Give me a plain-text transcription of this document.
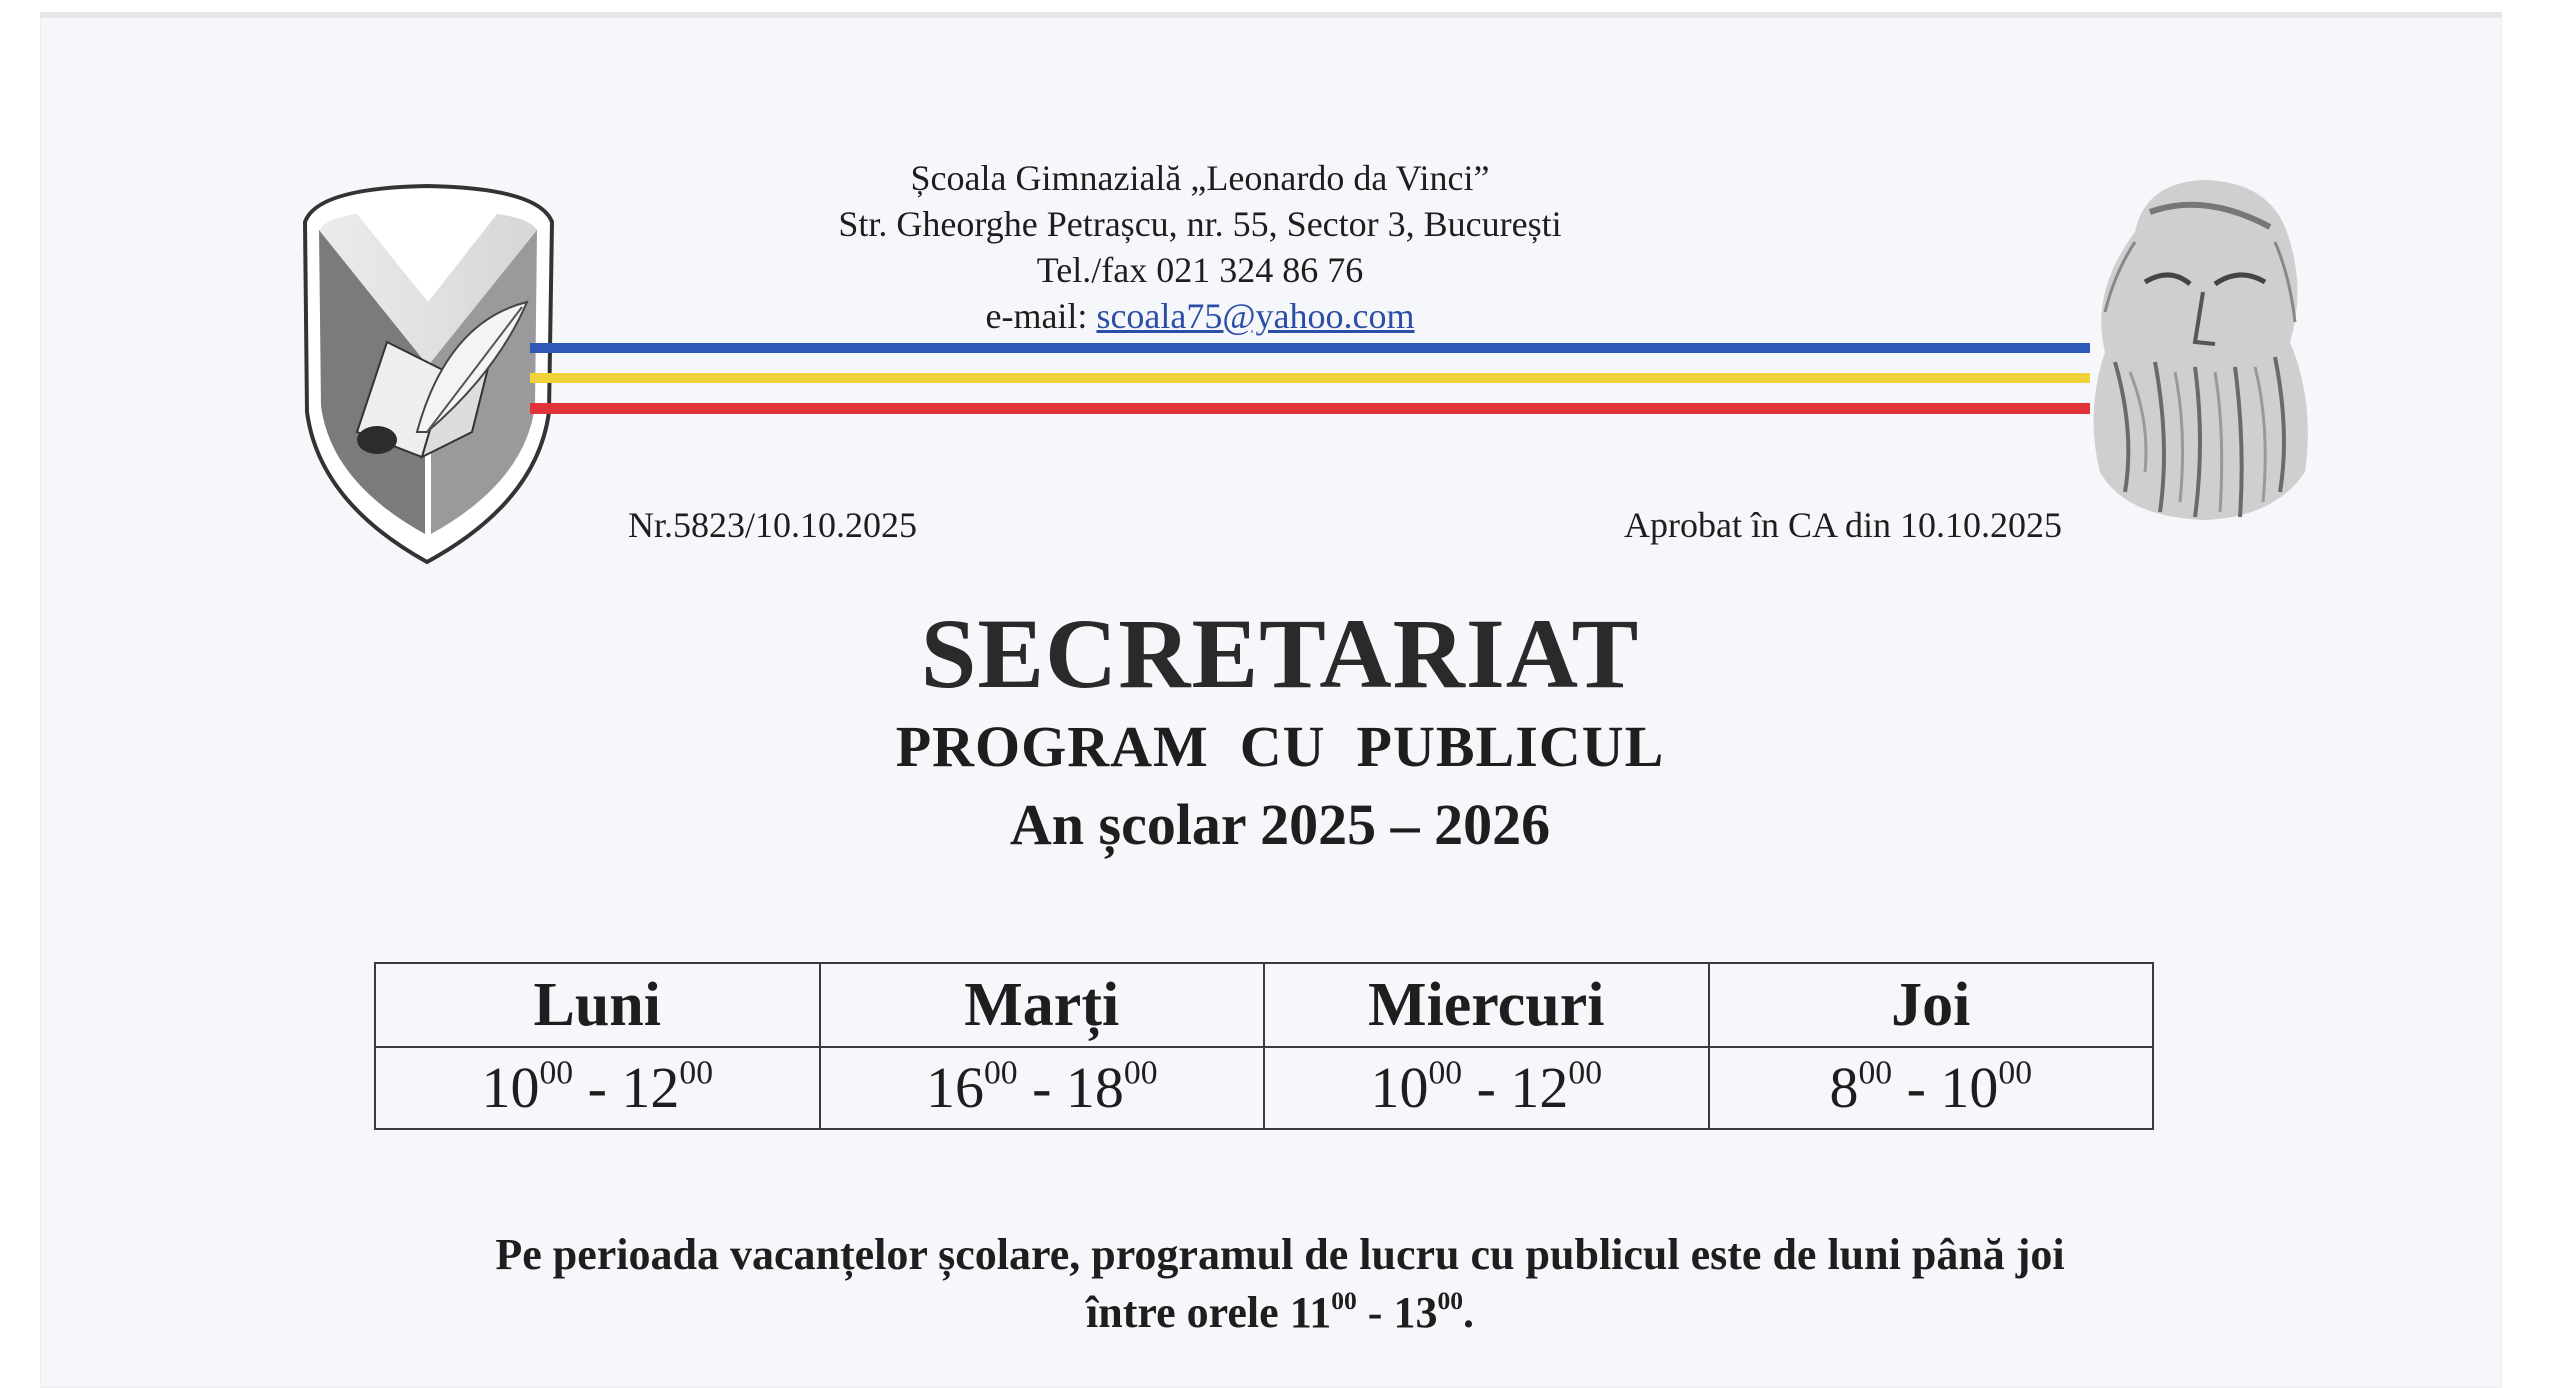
Școala Gimnazială „Leonardo da Vinci”
Str. Gheorghe Petrașcu, nr. 55, Sector 3, București
Tel./fax 021 324 86 76
e-mail: scoala75@yahoo.com
Nr.5823/10.10.2025	Aprobat în CA din 10.10.2025
SECRETARIAT
PROGRAM  CU  PUBLICUL
An școlar 2025 – 2026
Luni	Marți	Miercuri	Joi
$10^{00} - 12^{00}$	$16^{00} - 18^{00}$	$10^{00} - 12^{00}$	$8^{00} - 10^{00}$
Pe perioada vacanțelor școlare, programul de lucru cu publicul este de luni până joi
între orele $11^{00} - 13^{00}$.
